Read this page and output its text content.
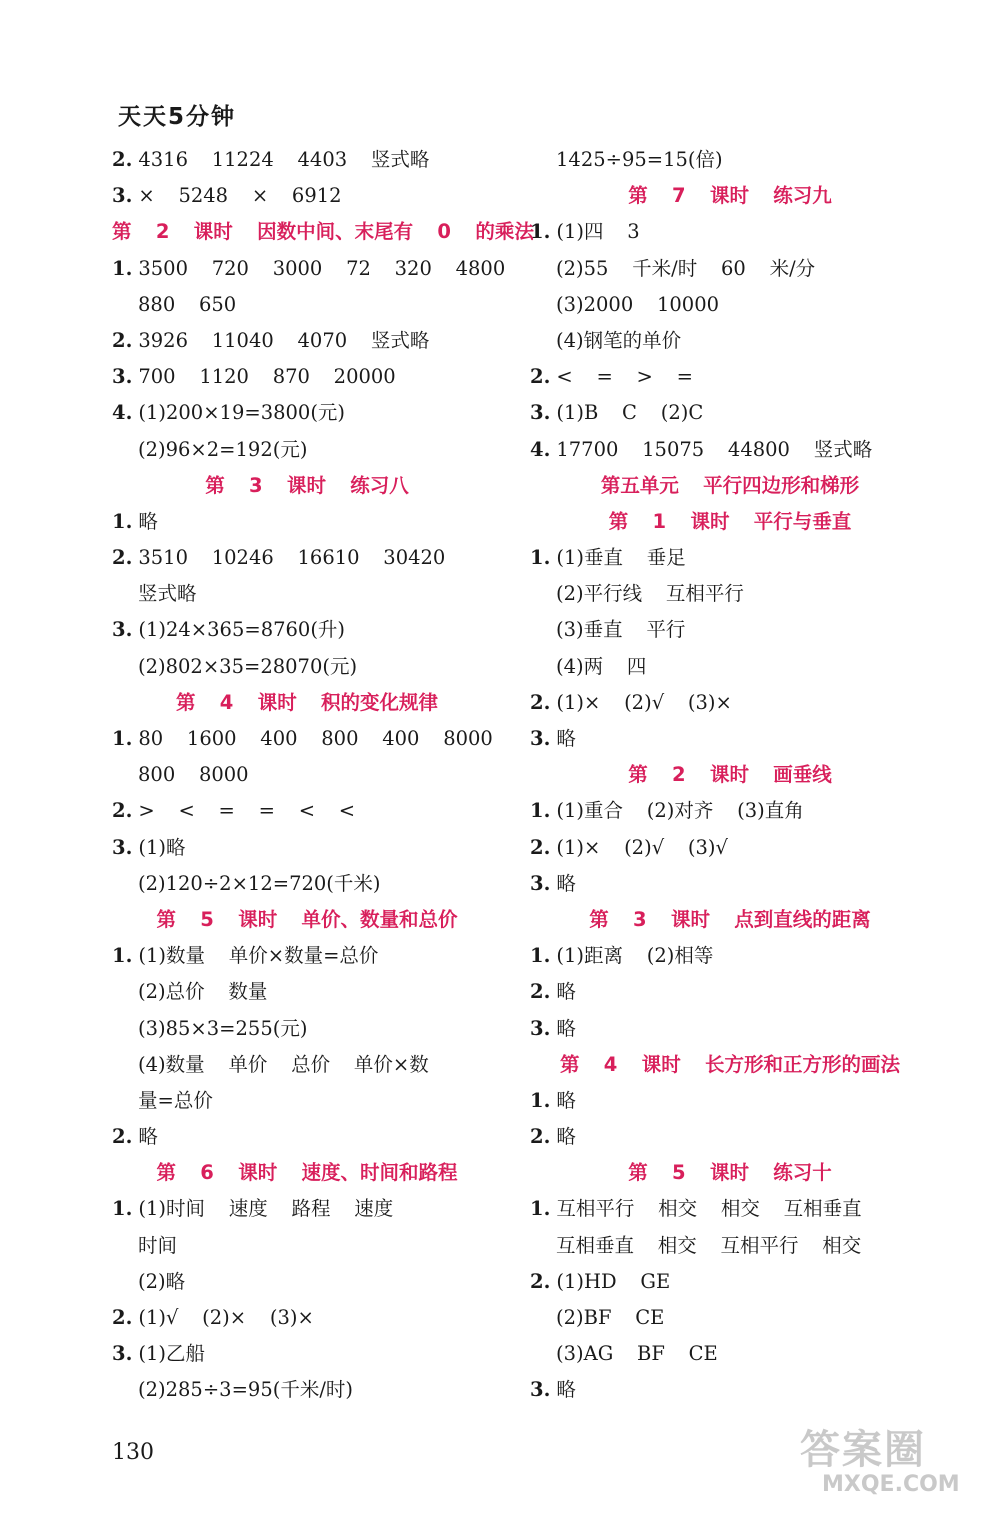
天天5分钟
2. 4316 11224 4403 竖式略
3. × 5248 × 6912
第 2 课时 因数中间、末尾有 0 的乘法
1. 3500 720 3000 72 320 4800
880 650
2. 3926 11040 4070 竖式略
3. 700 1120 870 20000
4. (1)200×19=3800(元)
(2)96×2=192(元)
第 3 课时 练习八
1. 略
2. 3510 10246 16610 30420
竖式略
3. (1)24×365=8760(升)
(2)802×35=28070(元)
第 4 课时 积的变化规律
1. 80 1600 400 800 400 8000
800 8000
2. > < = = < <
3. (1)略
(2)120÷2×12=720(千米)
第 5 课时 单价、数量和总价
1. (1)数量 单价×数量=总价
(2)总价 数量
(3)85×3=255(元)
(4)数量 单价 总价 单价×数
量=总价
2. 略
第 6 课时 速度、时间和路程
1. (1)时间 速度 路程 速度
时间
(2)略
2. (1)√ (2)× (3)×
3. (1)乙船
(2)285÷3=95(千米/时)
1425÷95=15(倍)
第 7 课时 练习九
1. (1)四 3
(2)55 千米/时 60 米/分
(3)2000 10000
(4)钢笔的单价
2. < = > =
3. (1)B C (2)C
4. 17700 15075 44800 竖式略
第五单元 平行四边形和梯形
第 1 课时 平行与垂直
1. (1)垂直 垂足
(2)平行线 互相平行
(3)垂直 平行
(4)两 四
2. (1)× (2)√ (3)×
3. 略
第 2 课时 画垂线
1. (1)重合 (2)对齐 (3)直角
2. (1)× (2)√ (3)√
3. 略
第 3 课时 点到直线的距离
1. (1)距离 (2)相等
2. 略
3. 略
第 4 课时 长方形和正方形的画法
1. 略
2. 略
第 5 课时 练习十
1. 互相平行 相交 相交 互相垂直
互相垂直 相交 互相平行 相交
2. (1)HD GE
(2)BF CE
(3)AG BF CE
3. 略
130	答案圈
MXQE.COM
